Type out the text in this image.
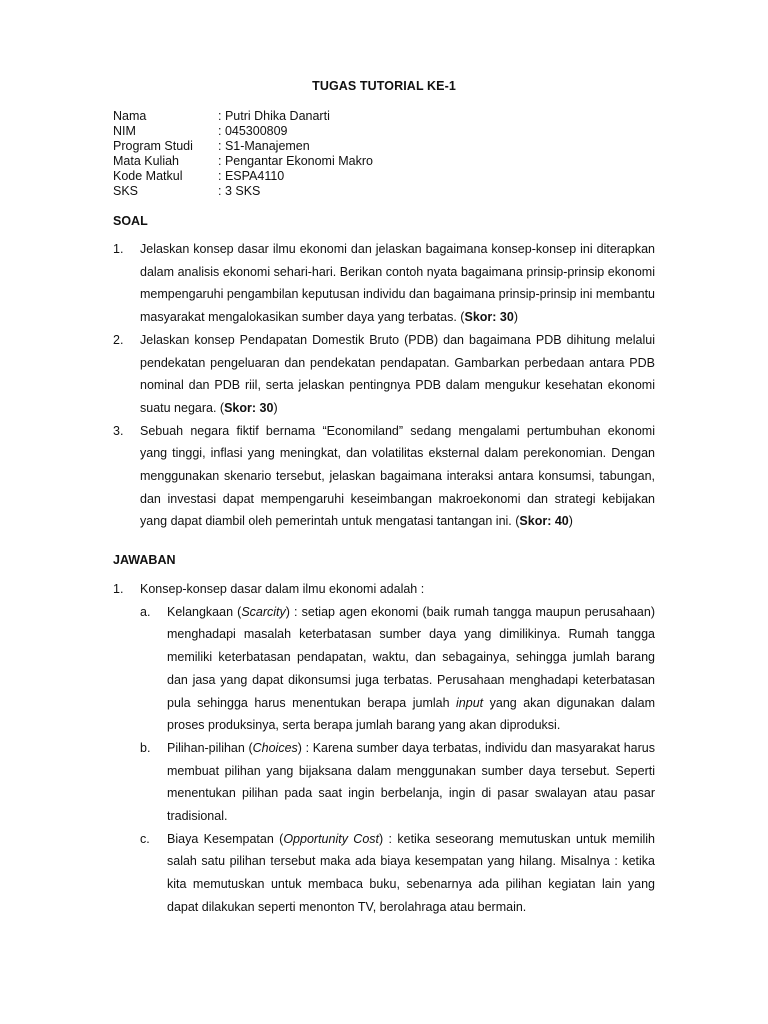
TUGAS TUTORIAL KE-1
Nama	: Putri Dhika Danarti
NIM	: 045300809
Program Studi	: S1-Manajemen
Mata Kuliah	: Pengantar Ekonomi Makro
Kode Matkul	: ESPA4110
SKS	: 3 SKS
SOAL
1.	Jelaskan konsep dasar ilmu ekonomi dan jelaskan bagaimana konsep-konsep ini diterapkan dalam analisis ekonomi sehari-hari. Berikan contoh nyata bagaimana prinsip-prinsip ekonomi mempengaruhi pengambilan keputusan individu dan bagaimana prinsip-prinsip ini membantu masyarakat mengalokasikan sumber daya yang terbatas. (Skor: 30)
2.	Jelaskan konsep Pendapatan Domestik Bruto (PDB) dan bagaimana PDB dihitung melalui pendekatan pengeluaran dan pendekatan pendapatan. Gambarkan perbedaan antara PDB nominal dan PDB riil, serta jelaskan pentingnya PDB dalam mengukur kesehatan ekonomi suatu negara. (Skor: 30)
3.	Sebuah negara fiktif bernama “Economiland” sedang mengalami pertumbuhan ekonomi yang tinggi, inflasi yang meningkat, dan volatilitas eksternal dalam perekonomian. Dengan menggunakan skenario tersebut, jelaskan bagaimana interaksi antara konsumsi, tabungan, dan investasi dapat mempengaruhi keseimbangan makroekonomi dan strategi kebijakan yang dapat diambil oleh pemerintah untuk mengatasi tantangan ini. (Skor: 40)
JAWABAN
1.	Konsep-konsep dasar dalam ilmu ekonomi adalah :
a.	Kelangkaan (Scarcity) : setiap agen ekonomi (baik rumah tangga maupun perusahaan) menghadapi masalah keterbatasan sumber daya yang dimilikinya. Rumah tangga memiliki keterbatasan pendapatan, waktu, dan sebagainya, sehingga jumlah barang dan jasa yang dapat dikonsumsi juga terbatas. Perusahaan menghadapi keterbatasan pula sehingga harus menentukan berapa jumlah input yang akan digunakan dalam proses produksinya, serta berapa jumlah barang yang akan diproduksi.
b.	Pilihan-pilihan (Choices) : Karena sumber daya terbatas, individu dan masyarakat harus membuat pilihan yang bijaksana dalam menggunakan sumber daya tersebut. Seperti menentukan pilihan pada saat ingin berbelanja, ingin di pasar swalayan atau pasar tradisional.
c.	Biaya Kesempatan (Opportunity Cost) : ketika seseorang memutuskan untuk memilih salah satu pilihan tersebut maka ada biaya kesempatan yang hilang. Misalnya : ketika kita memutuskan untuk membaca buku, sebenarnya ada pilihan kegiatan lain yang dapat dilakukan seperti menonton TV, berolahraga atau bermain.
